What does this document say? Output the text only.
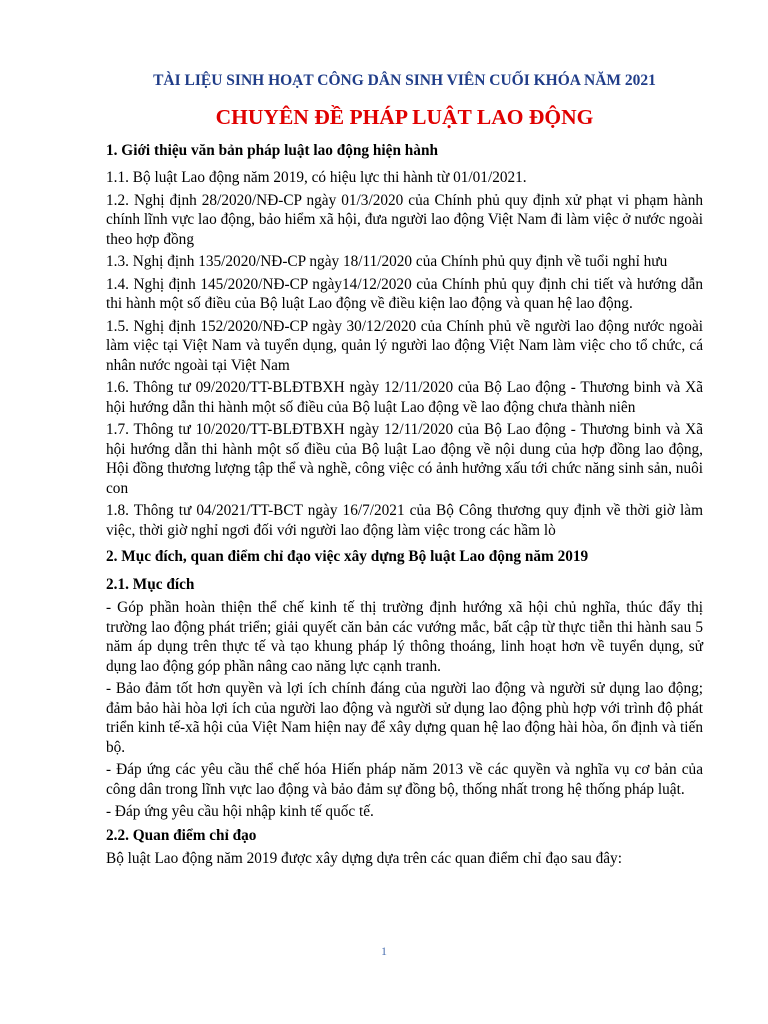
TÀI LIỆU SINH HOẠT CÔNG DÂN SINH VIÊN CUỐI KHÓA NĂM 2021
CHUYÊN ĐỀ PHÁP LUẬT LAO ĐỘNG
1. Giới thiệu văn bản pháp luật lao động hiện hành
1.1. Bộ luật Lao động năm 2019, có hiệu lực thi hành từ 01/01/2021.
1.2. Nghị định 28/2020/NĐ-CP ngày 01/3/2020 của Chính phủ quy định xử phạt vi phạm hành chính lĩnh vực lao động, bảo hiểm xã hội, đưa người lao động Việt Nam đi làm việc ở nước ngoài theo hợp đồng
1.3. Nghị định 135/2020/NĐ-CP ngày 18/11/2020 của Chính phủ quy định về tuổi nghỉ hưu
1.4. Nghị định 145/2020/NĐ-CP ngày14/12/2020 của Chính phủ quy định chi tiết và hướng dẫn thi hành một số điều của Bộ luật Lao động về điều kiện lao động và quan hệ lao động.
1.5. Nghị định 152/2020/NĐ-CP ngày 30/12/2020 của Chính phủ về người lao động nước ngoài làm việc tại Việt Nam và tuyển dụng, quản lý người lao động Việt Nam làm việc cho tổ chức, cá nhân nước ngoài tại Việt Nam
1.6. Thông tư 09/2020/TT-BLĐTBXH ngày 12/11/2020 của Bộ Lao động - Thương binh và Xã hội hướng dẫn thi hành một số điều của Bộ luật Lao động về lao động chưa thành niên
1.7. Thông tư 10/2020/TT-BLĐTBXH ngày 12/11/2020 của Bộ Lao động - Thương binh và Xã hội hướng dẫn thi hành một số điều của Bộ luật Lao động về nội dung của hợp đồng lao động, Hội đồng thương lượng tập thể và nghề, công việc có ảnh hưởng xấu tới chức năng sinh sản, nuôi con
1.8. Thông tư 04/2021/TT-BCT ngày 16/7/2021 của Bộ Công thương quy định về thời giờ làm việc, thời giờ nghỉ ngơi đối với người lao động làm việc trong các hầm lò
2. Mục đích, quan điểm chỉ đạo việc xây dựng Bộ luật Lao động năm 2019
2.1. Mục đích
- Góp phần hoàn thiện thể chế kinh tế thị trường định hướng xã hội chủ nghĩa, thúc đẩy thị trường lao động phát triển; giải quyết căn bản các vướng mắc, bất cập từ thực tiễn thi hành sau 5 năm áp dụng trên thực tế và tạo khung pháp lý thông thoáng, linh hoạt hơn về tuyển dụng, sử dụng lao động góp phần nâng cao năng lực cạnh tranh.
- Bảo đảm tốt hơn quyền và lợi ích chính đáng của người lao động và người sử dụng lao động; đảm bảo hài hòa lợi ích của người lao động và người sử dụng lao động phù hợp với trình độ phát triển kinh tế-xã hội của Việt Nam hiện nay để xây dựng quan hệ lao động hài hòa, ổn định và tiến bộ.
- Đáp ứng các yêu cầu thể chế hóa Hiến pháp năm 2013 về các quyền và nghĩa vụ cơ bản của công dân trong lĩnh vực lao động và bảo đảm sự đồng bộ, thống nhất trong hệ thống pháp luật.
- Đáp ứng yêu cầu hội nhập kinh tế quốc tế.
2.2. Quan điểm chỉ đạo
Bộ luật Lao động năm 2019 được xây dựng dựa trên các quan điểm chỉ đạo sau đây:
1
